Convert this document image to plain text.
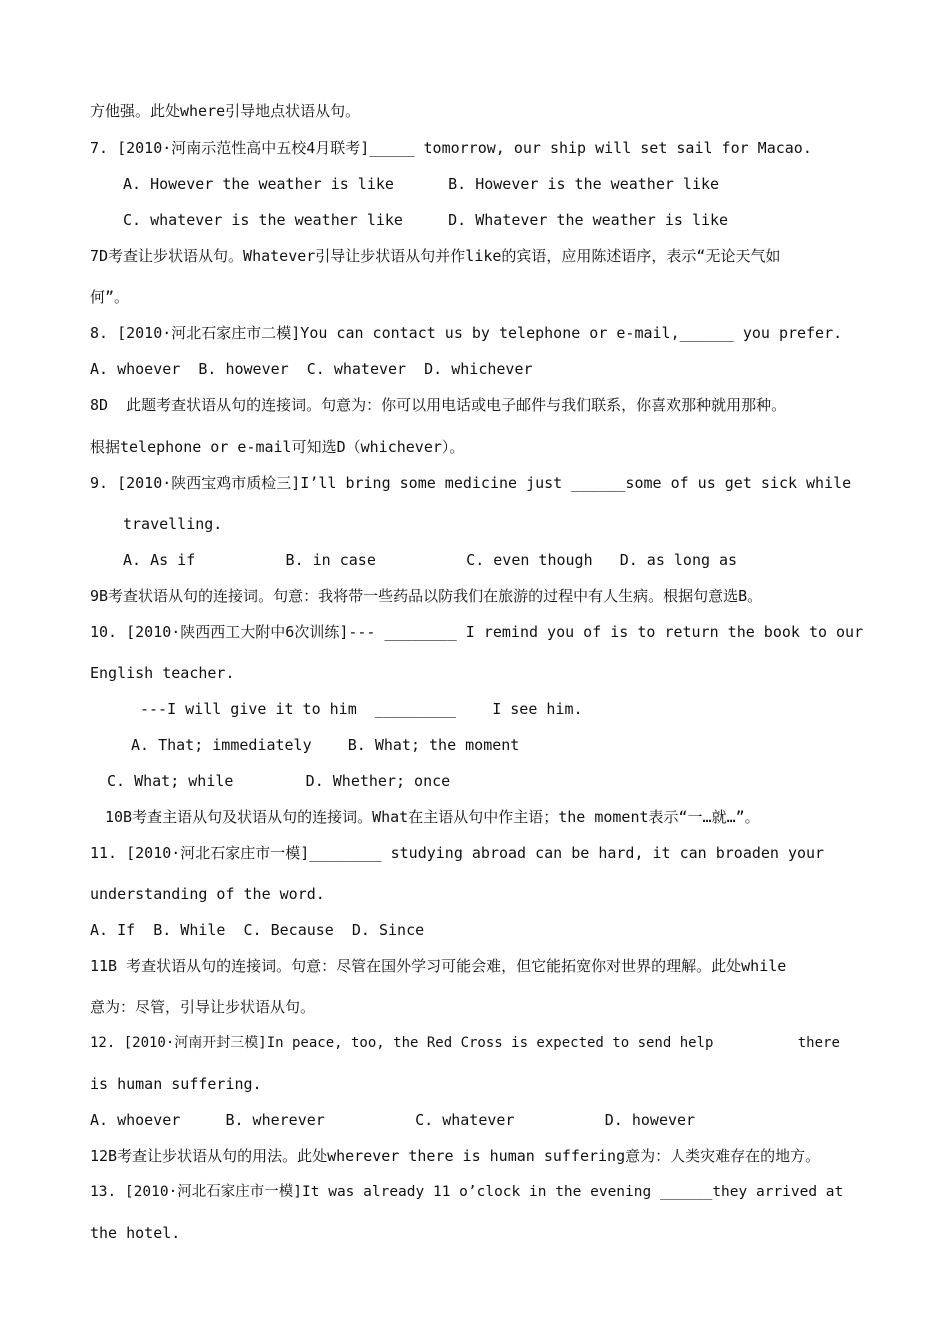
方他强。此处where引导地点状语从句。
7. [2010·河南示范性高中五校4月联考]_____ tomorrow, our ship will set sail for Macao.
A. However the weather is like      B. However is the weather like
C. whatever is the weather like     D. Whatever the weather is like
7D考查让步状语从句。Whatever引导让步状语从句并作like的宾语，应用陈述语序，表示“无论天气如
何”。
8. [2010·河北石家庄市二模]You can contact us by telephone or e-mail,______ you prefer.
A. whoever  B. however  C. whatever  D. whichever
8D  此题考查状语从句的连接词。句意为：你可以用电话或电子邮件与我们联系，你喜欢那种就用那种。
根据telephone or e-mail可知选D（whichever）。
9. [2010·陕西宝鸡市质检三]I’ll bring some medicine just ______some of us get sick while
travelling.
A. As if          B. in case          C. even though   D. as long as
9B考查状语从句的连接词。句意：我将带一些药品以防我们在旅游的过程中有人生病。根据句意选B。
10. [2010·陕西西工大附中6次训练]--- ________ I remind you of is to return the book to our
English teacher.
---I will give it to him  _________    I see him.
A. That; immediately    B. What; the moment
C. What; while        D. Whether; once
10B考查主语从句及状语从句的连接词。What在主语从句中作主语；the moment表示“一…就…”。
11. [2010·河北石家庄市一模]________ studying abroad can be hard, it can broaden your
understanding of the word.
A. If  B. While  C. Because  D. Since
11B 考查状语从句的连接词。句意：尽管在国外学习可能会难，但它能拓宽你对世界的理解。此处while
意为：尽管，引导让步状语从句。
12. [2010·河南开封三模]In peace, too, the Red Cross is expected to send help          there
is human suffering.
A. whoever     B. wherever          C. whatever          D. however
12B考查让步状语从句的用法。此处wherever there is human suffering意为：人类灾难存在的地方。
13. [2010·河北石家庄市一模]It was already 11 o’clock in the evening ______they arrived at
the hotel.
